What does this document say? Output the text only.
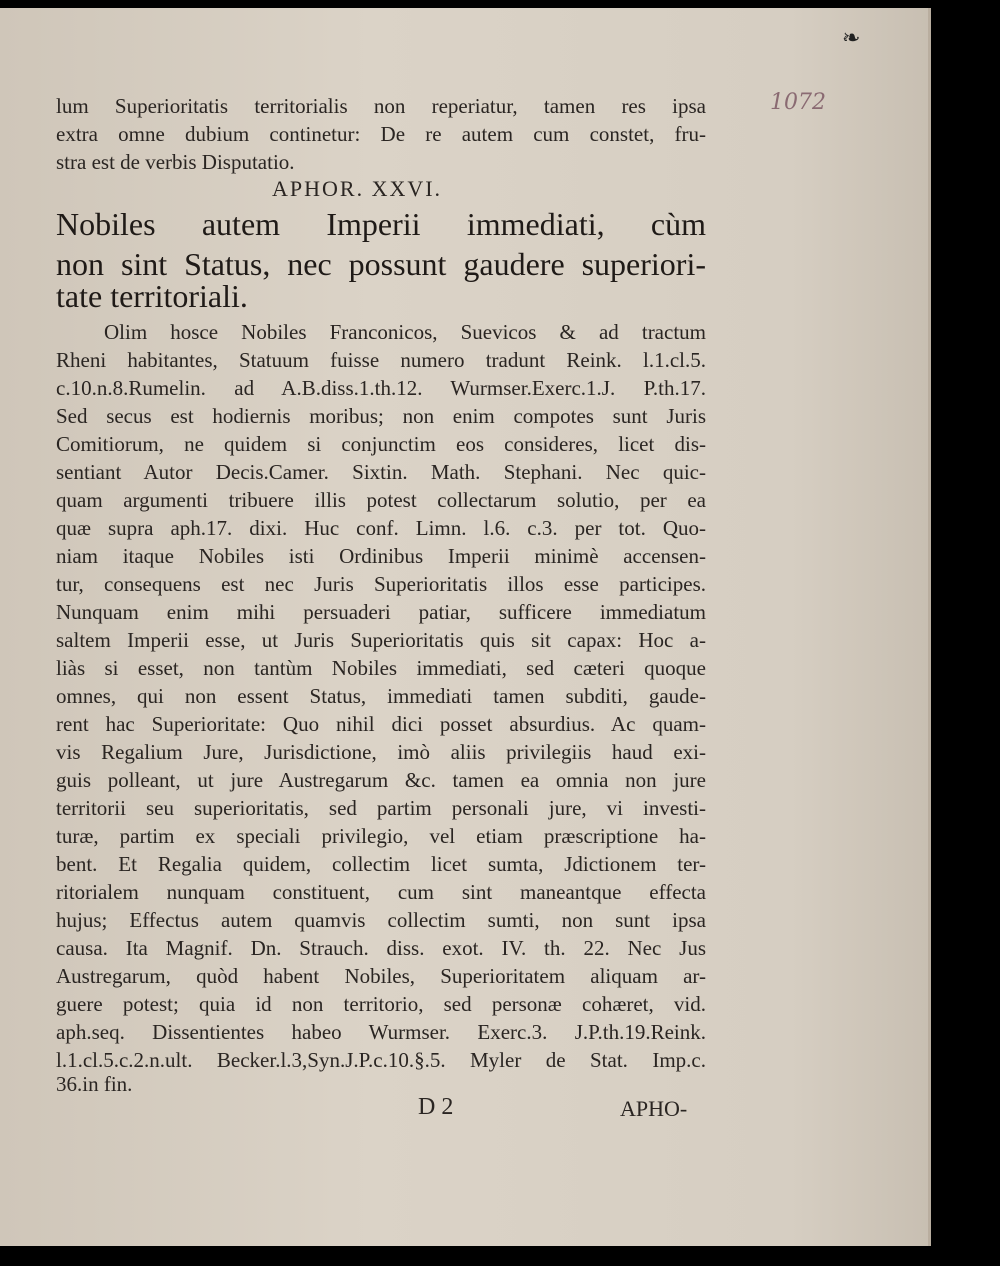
❧
1072
lum Superioritatis territorialis non reperiatur, tamen res ipsa
extra omne dubium continetur: De re autem cum constet, fru-
stra est de verbis Disputatio.
APHOR. XXVI.
Nobiles autem Imperii immediati, cùm
non sint Status, nec possunt gaudere superiori-
tate territoriali.
Olim hosce Nobiles Franconicos, Suevicos & ad tractum
Rheni habitantes, Statuum fuisse numero tradunt Reink. l.1.cl.5.
c.10.n.8.Rumelin. ad A.B.diss.1.th.12. Wurmser.Exerc.1.J. P.th.17.
Sed secus est hodiernis moribus; non enim compotes sunt Juris
Comitiorum, ne quidem si conjunctim eos consideres, licet dis-
sentiant Autor Decis.Camer. Sixtin. Math. Stephani. Nec quic-
quam argumenti tribuere illis potest collectarum solutio, per ea
quæ supra aph.17. dixi. Huc conf. Limn. l.6. c.3. per tot. Quo-
niam itaque Nobiles isti Ordinibus Imperii minimè accensen-
tur, consequens est nec Juris Superioritatis illos esse participes.
Nunquam enim mihi persuaderi patiar, sufficere immediatum
saltem Imperii esse, ut Juris Superioritatis quis sit capax: Hoc a-
liàs si esset, non tantùm Nobiles immediati, sed cæteri quoque
omnes, qui non essent Status, immediati tamen subditi, gaude-
rent hac Superioritate: Quo nihil dici posset absurdius. Ac quam-
vis Regalium Jure, Jurisdictione, imò aliis privilegiis haud exi-
guis polleant, ut jure Austregarum &c. tamen ea omnia non jure
territorii seu superioritatis, sed partim personali jure, vi investi-
turæ, partim ex speciali privilegio, vel etiam præscriptione ha-
bent. Et Regalia quidem, collectim licet sumta, Jdictionem ter-
ritorialem nunquam constituent, cum sint maneantque effecta
hujus; Effectus autem quamvis collectim sumti, non sunt ipsa
causa. Ita Magnif. Dn. Strauch. diss. exot. IV. th. 22. Nec Jus
Austregarum, quòd habent Nobiles, Superioritatem aliquam ar-
guere potest; quia id non territorio, sed personæ cohæret, vid.
aph.seq. Dissentientes habeo Wurmser. Exerc.3. J.P.th.19.Reink.
l.1.cl.5.c.2.n.ult. Becker.l.3,Syn.J.P.c.10.§.5. Myler de Stat. Imp.c.
36.in fin.
D 2	APHO-
